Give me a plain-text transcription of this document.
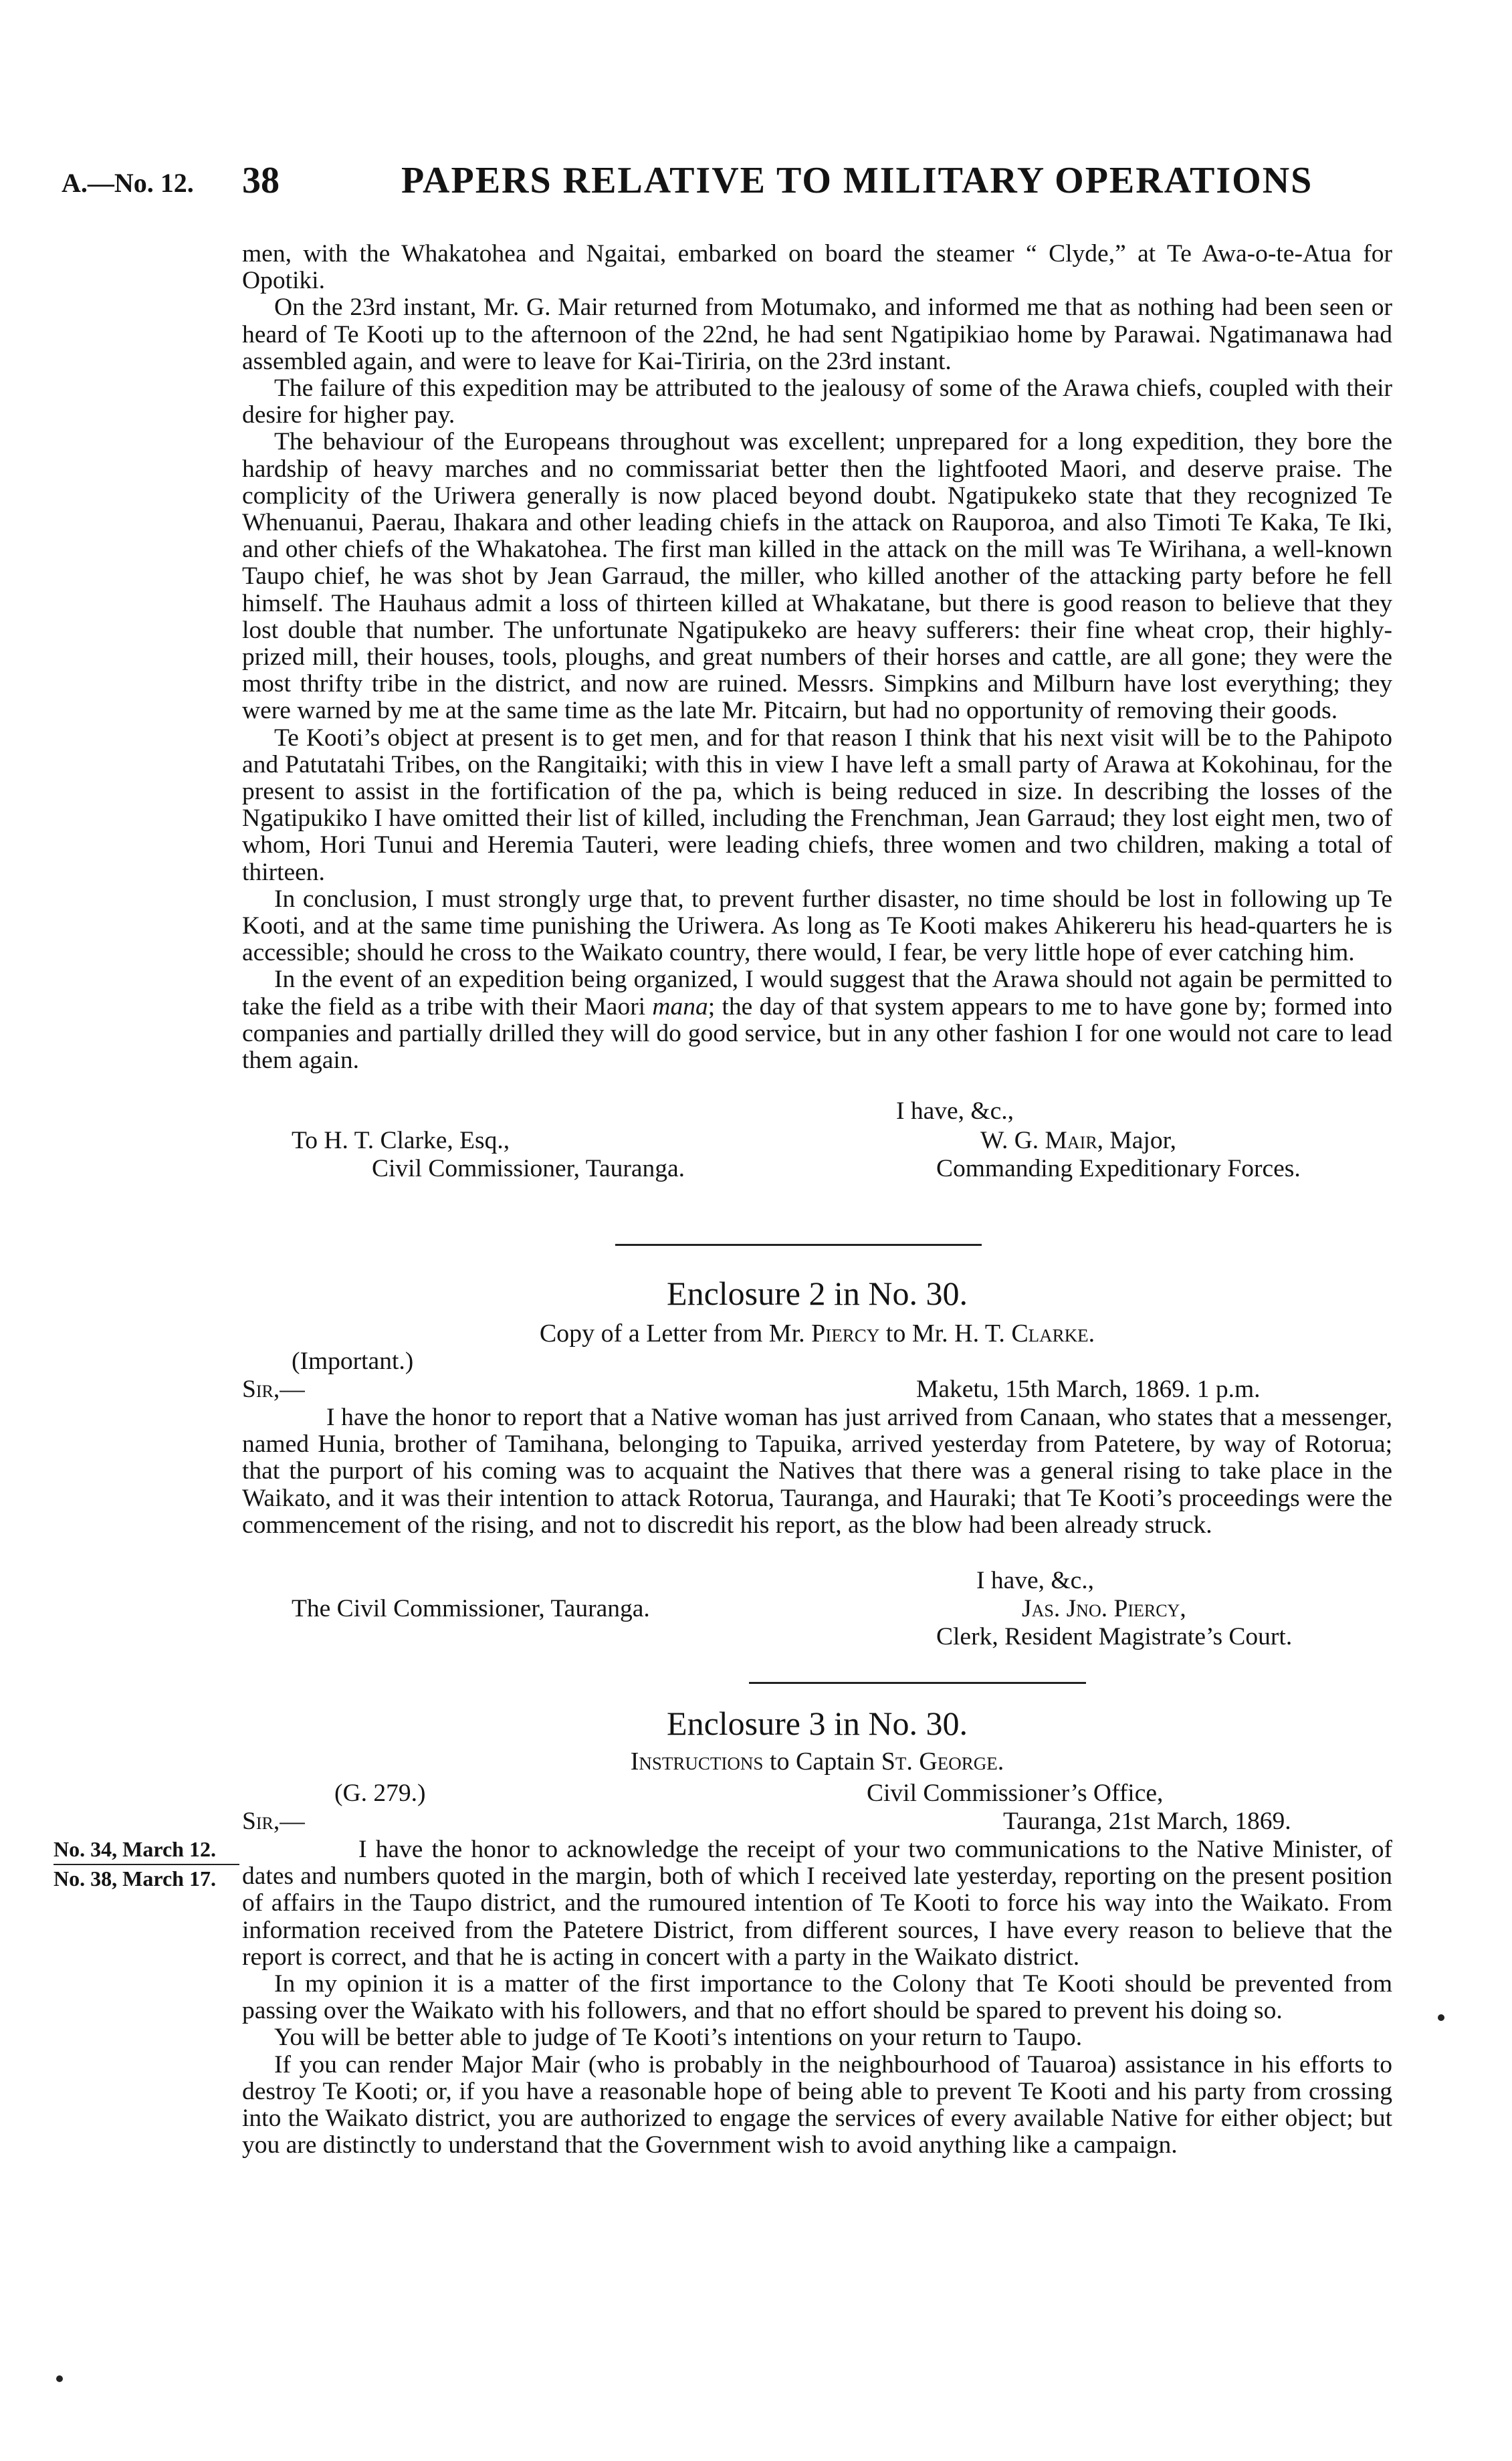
A.—No. 12. 38	PAPERS RELATIVE TO MILITARY OPERATIONS

men, with the Whakatohea and Ngaitai, embarked on board the steamer “ Clyde,” at Te Awa-o-te-Atua for Opotiki.

On the 23rd instant, Mr. G. Mair returned from Motumako, and informed me that as nothing had been seen or heard of Te Kooti up to the afternoon of the 22nd, he had sent Ngatipikiao home by Parawai. Ngatimanawa had assembled again, and were to leave for Kai-Tiriria, on the 23rd instant.

The failure of this expedition may be attributed to the jealousy of some of the Arawa chiefs, coupled with their desire for higher pay.

The behaviour of the Europeans throughout was excellent; unprepared for a long expedition, they bore the hardship of heavy marches and no commissariat better then the lightfooted Maori, and deserve praise. The complicity of the Uriwera generally is now placed beyond doubt. Ngatipukeko state that they recognized Te Whenuanui, Paerau, Ihakara and other leading chiefs in the attack on Rauporoa, and also Timoti Te Kaka, Te Iki, and other chiefs of the Whakatohea. The first man killed in the attack on the mill was Te Wirihana, a well-known Taupo chief, he was shot by Jean Garraud, the miller, who killed another of the attacking party before he fell himself. The Hauhaus admit a loss of thirteen killed at Whakatane, but there is good reason to believe that they lost double that number. The unfortunate Ngatipukeko are heavy sufferers: their fine wheat crop, their highly-prized mill, their houses, tools, ploughs, and great numbers of their horses and cattle, are all gone; they were the most thrifty tribe in the district, and now are ruined. Messrs. Simpkins and Milburn have lost everything; they were warned by me at the same time as the late Mr. Pitcairn, but had no opportunity of removing their goods.

Te Kooti’s object at present is to get men, and for that reason I think that his next visit will be to the Pahipoto and Patutatahi Tribes, on the Rangitaiki; with this in view I have left a small party of Arawa at Kokohinau, for the present to assist in the fortification of the pa, which is being reduced in size. In describing the losses of the Ngatipukiko I have omitted their list of killed, including the Frenchman, Jean Garraud; they lost eight men, two of whom, Hori Tunui and Heremia Tauteri, were leading chiefs, three women and two children, making a total of thirteen.

In conclusion, I must strongly urge that, to prevent further disaster, no time should be lost in following up Te Kooti, and at the same time punishing the Uriwera. As long as Te Kooti makes Ahikereru his head-quarters he is accessible; should he cross to the Waikato country, there would, I fear, be very little hope of ever catching him.

In the event of an expedition being organized, I would suggest that the Arawa should not again be permitted to take the field as a tribe with their Maori mana; the day of that system appears to me to have gone by; formed into companies and partially drilled they will do good service, but in any other fashion I for one would not care to lead them again.

I have, &c.,
To H. T. Clarke, Esq.,	W. G. Mair, Major,
Civil Commissioner, Tauranga.	Commanding Expeditionary Forces.
Enclosure 2 in No. 30.
Copy of a Letter from Mr. Piercy to Mr. H. T. Clarke.
(Important.)
Sir,—	Maketu, 15th March, 1869. 1 p.m.

I have the honor to report that a Native woman has just arrived from Canaan, who states that a messenger, named Hunia, brother of Tamihana, belonging to Tapuika, arrived yesterday from Patetere, by way of Rotorua; that the purport of his coming was to acquaint the Natives that there was a general rising to take place in the Waikato, and it was their intention to attack Rotorua, Tauranga, and Hauraki; that Te Kooti’s proceedings were the commencement of the rising, and not to discredit his report, as the blow had been already struck.

I have, &c.,
The Civil Commissioner, Tauranga.	Jas. Jno. Piercy,
Clerk, Resident Magistrate’s Court.
Enclosure 3 in No. 30.
Instructions to Captain St. George.
(G. 279.)	Civil Commissioner’s Office,
Sir,—	Tauranga, 21st March, 1869.
No. 34, March 12.
No. 38, March 17.

I have the honor to acknowledge the receipt of your two communications to the Native Minister, of dates and numbers quoted in the margin, both of which I received late yesterday, reporting on the present position of affairs in the Taupo district, and the rumoured intention of Te Kooti to force his way into the Waikato. From information received from the Patetere District, from different sources, I have every reason to believe that the report is correct, and that he is acting in concert with a party in the Waikato district.

In my opinion it is a matter of the first importance to the Colony that Te Kooti should be prevented from passing over the Waikato with his followers, and that no effort should be spared to prevent his doing so.

You will be better able to judge of Te Kooti’s intentions on your return to Taupo.

If you can render Major Mair (who is probably in the neighbourhood of Tauaroa) assistance in his efforts to destroy Te Kooti; or, if you have a reasonable hope of being able to prevent Te Kooti and his party from crossing into the Waikato district, you are authorized to engage the services of every available Native for either object; but you are distinctly to understand that the Government wish to avoid anything like a campaign.
